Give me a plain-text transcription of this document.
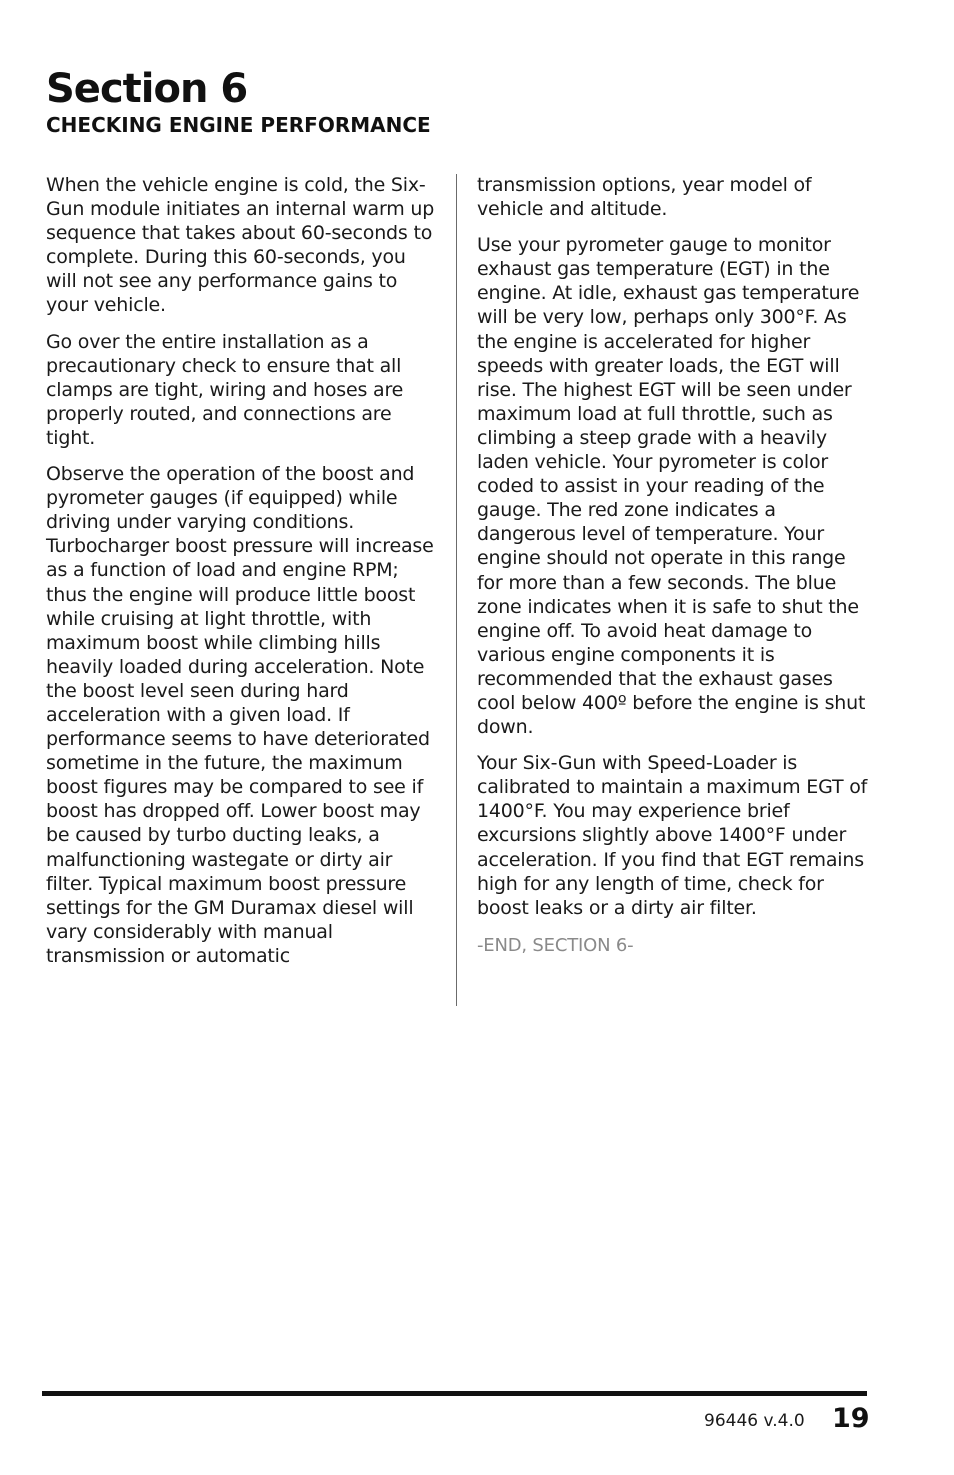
Section 6
CHECKING ENGINE PERFORMANCE

When the vehicle engine is cold, the Six-Gun module initiates an internal warm up sequence that takes about 60-seconds to complete. During this 60-seconds, you will not see any performance gains to your vehicle.

Go over the entire installation as a precautionary check to ensure that all clamps are tight, wiring and hoses are properly routed, and connections are tight.

Observe the operation of the boost and pyrometer gauges (if equipped) while driving under varying conditions. Turbocharger boost pressure will increase as a function of load and engine RPM; thus the engine will produce little boost while cruising at light throttle, with maximum boost while climbing hills heavily loaded during acceleration. Note the boost level seen during hard acceleration with a given load. If performance seems to have deteriorated sometime in the future, the maximum boost figures may be compared to see if boost has dropped off. Lower boost may be caused by turbo ducting leaks, a malfunctioning wastegate or dirty air filter. Typical maximum boost pressure settings for the GM Duramax diesel will vary considerably with manual transmission or automatic

transmission options, year model of vehicle and altitude.

Use your pyrometer gauge to monitor exhaust gas temperature (EGT) in the engine. At idle, exhaust gas temperature will be very low, perhaps only 300°F. As the engine is accelerated for higher speeds with greater loads, the EGT will rise. The highest EGT will be seen under maximum load at full throttle, such as climbing a steep grade with a heavily laden vehicle. Your pyrometer is color coded to assist in your reading of the gauge. The red zone indicates a dangerous level of temperature. Your engine should not operate in this range for more than a few seconds. The blue zone indicates when it is safe to shut the engine off. To avoid heat damage to various engine components it is recommended that the exhaust gases cool below 400º before the engine is shut down.

Your Six-Gun with Speed-Loader is calibrated to maintain a maximum EGT of 1400°F. You may experience brief excursions slightly above 1400°F under acceleration. If you find that EGT remains high for any length of time, check for boost leaks or a dirty air filter.

-END, SECTION 6-

96446 v.4.0 19
